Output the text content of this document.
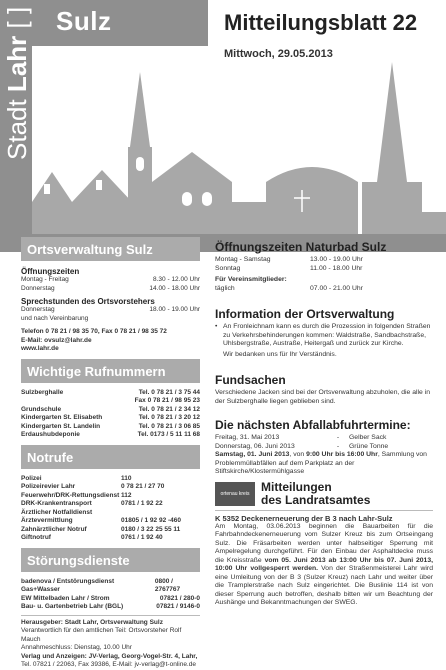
Stadt Lahr [ ] Sulz	Mitteilungsblatt 22
Mittwoch, 29.05.2013
Ortsverwaltung Sulz
Öffnungszeiten
Montag - Freitag	8.30 - 12.00 Uhr
Donnerstag	14.00 - 18.00 Uhr
Sprechstunden des Ortsvorstehers
Donnerstag	18.00 - 19.00 Uhr
und nach Vereinbarung
Telefon 0 78 21 / 98 35 70, Fax 0 78 21 / 98 35 72
E-Mail: ovsulz@lahr.de
www.lahr.de
Wichtige Rufnummern
Sulzberghalle	Tel. 0 78 21 / 3 75 44
Fax 0 78 21 / 98 95 23
Grundschule	Tel. 0 78 21 / 2 34 12
Kindergarten St. Elisabeth	Tel. 0 78 21 / 3 20 12
Kindergarten St. Landelin	Tel. 0 78 21 / 3 06 85
Erdaushubdeponie	Tel. 0173 / 5 11 11 68
Notrufe
Polizei	110
Polizeirevier Lahr	0 78 21 / 27 70
Feuerwehr/DRK-Rettungsdienst 112
DRK-Krankentransport	0781 / 1 92 22
Ärztlicher Notfalldienst
Ärztevermittlung	01805 / 1 92 92 -460
Zahnärztlicher Notruf	0180 / 3 22 25 55 11
Giftnotruf	0761 / 1 92 40
Störungsdienste
badenova / Entstörungsdienst Gas+Wasser
0800 / 2767767
EW Mittelbaden Lahr / Strom	07821 / 280-0
Bau- u. Gartenbetrieb Lahr (BGL)	07821 / 9146-0
Herausgeber: Stadt Lahr, Ortsverwaltung Sulz
Verantwortlich für den amtlichen Teil: Ortsvorsteher Rolf Mauch
Annahmeschluss: Dienstag, 10.00 Uhr
Verlag und Anzeigen: JV-Verlag, Georg-Vogel-Str. 4, Lahr,
Tel. 07821 / 22063, Fax 39386, E-Mail: jv-verlag@t-online.de
Öffnungszeiten Naturbad Sulz
Montag - Samstag	13.00 - 19.00 Uhr
Sonntag	11.00 - 18.00 Uhr
Für Vereinsmitglieder:
täglich	07.00 - 21.00 Uhr
Information der Ortsverwaltung
• An Fronleichnam kann es durch die Prozession in folgenden Straßen zu Verkehrsbehinderungen kommen: Waldstraße, Sandbachstraße, Uhlsbergstraße, Austraße, Heitergaß und zurück zur Kirche.
Wir bedanken uns für Ihr Verständnis.
Fundsachen
Verschiedene Jacken sind bei der Ortsverwaltung abzuholen, die alle in der Sulzberghalle liegen geblieben sind.
Die nächsten Abfallabfuhrtermine:
Freitag, 31. Mai 2013	-	Gelber Sack
Donnerstag, 06. Juni 2013	-	Grüne Tonne
Samstag, 01. Juni 2013, von 9:00 Uhr bis 16:00 Uhr, Sammlung von Problemmüllabfällen auf dem Parkplatz an der Stiftskirche/Klostermühlgasse
ortenau kreis Mitteilungen
des Landratsamtes
K 5352 Deckenerneuerung der B 3 nach Lahr-Sulz
Am Montag, 03.06.2013 beginnen die Bauarbeiten für die Fahrbahndeckenerneuerung vom Sulzer Kreuz bis zum Ortseingang Sulz. Die Fräsarbeiten werden unter halbseitiger Sperrung mit Ampelregelung durchgeführt. Für den Einbau der Asphaltdecke muss die Kreisstraße vom 05. Juni 2013 ab 13:00 Uhr bis 07. Juni 2013, 10:00 Uhr vollgesperrt werden. Von der Straßenmeisterei Lahr wird eine Umleitung von der B 3 (Sulzer Kreuz) nach Lahr und weiter über die Tramplerstraße nach Sulz eingerichtet. Die Buslinie 114 ist von dieser Sperrung auch betroffen, deshalb bitten wir um Beachtung der Aushänge und Bekanntmachungen der SWEG.
